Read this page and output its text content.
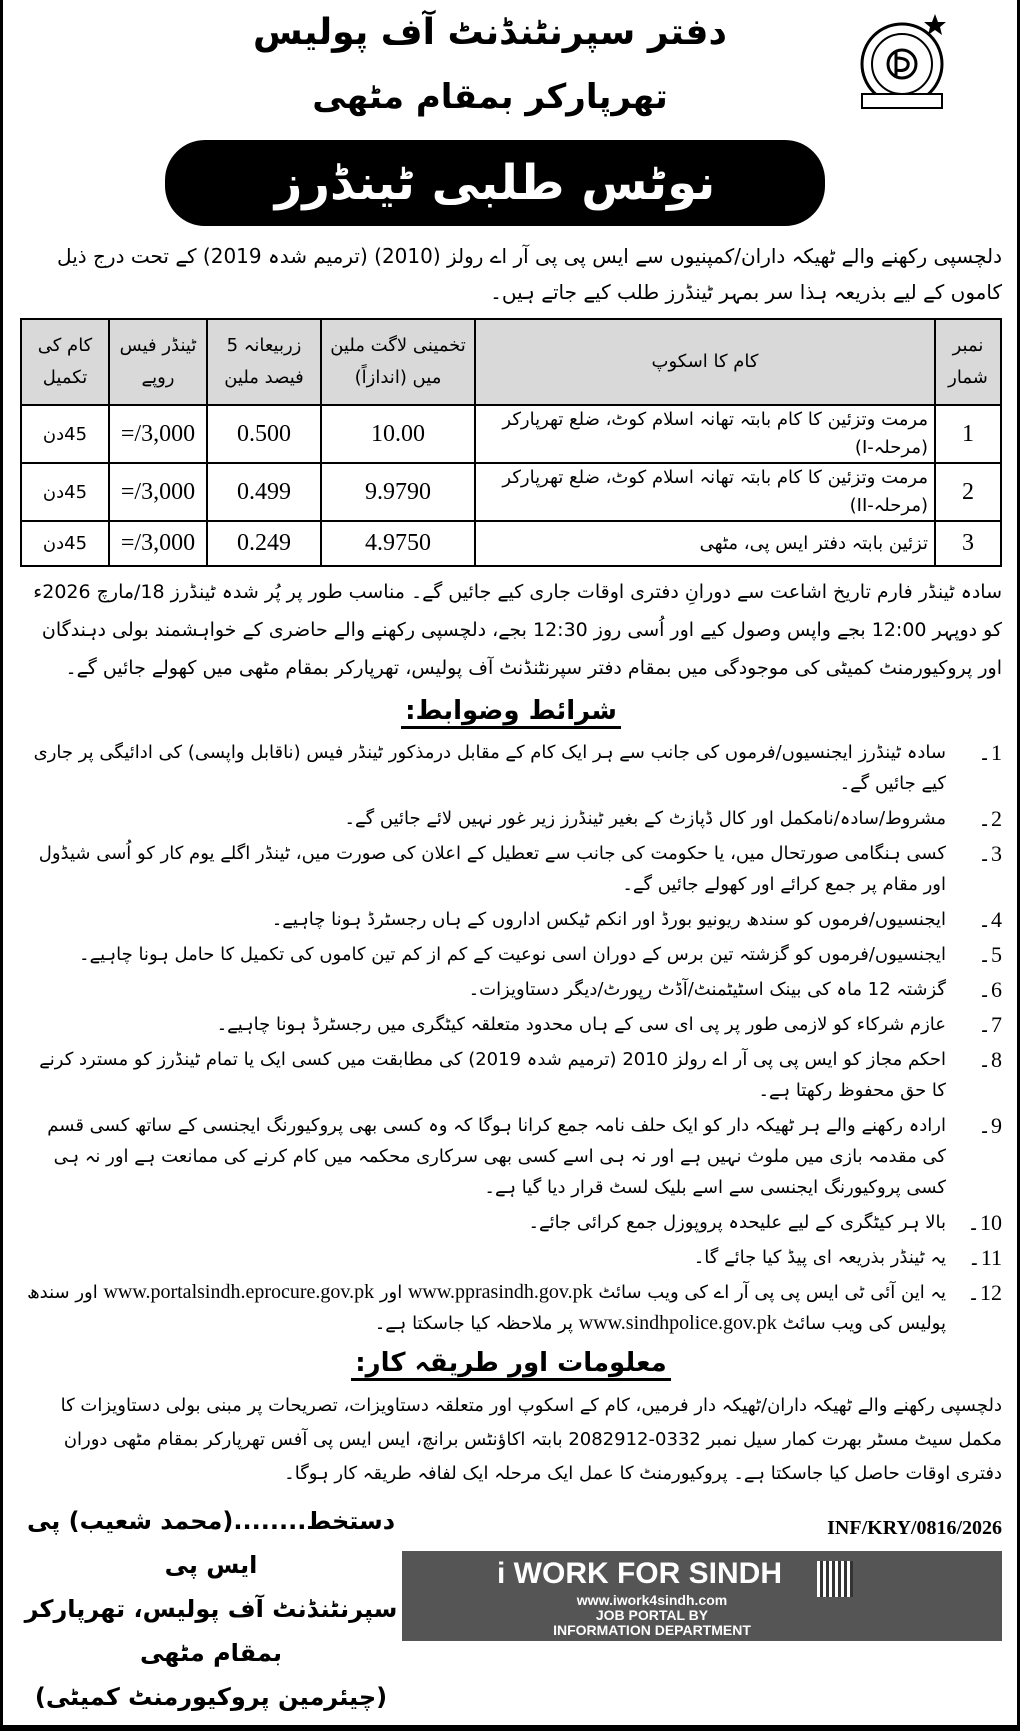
دفتر سپرنٹنڈنٹ آف پولیس
تھرپارکر بمقام مٹھی
نوٹس طلبی ٹینڈرز
دلچسپی رکھنے والے ٹھیکہ داران/کمپنیوں سے ایس پی پی آر اے رولز (2010) (ترمیم شدہ 2019) کے تحت درج ذیل کاموں کے لیے بذریعہ ہذا سر بمہر ٹینڈرز طلب کیے جاتے ہیں۔
نمبر شمار	کام کا اسکوپ	تخمینی لاگت ملین میں (اندازاً)	زربیعانہ 5 فیصد ملین	ٹینڈر فیس روپے	کام کی تکمیل
1	مرمت وتزئین کا کام بابتہ تھانہ اسلام کوٹ، ضلع تھرپارکر (مرحلہ-I)	10.00	0.500	3,000/=	45دن
2	مرمت وتزئین کا کام بابتہ تھانہ اسلام کوٹ، ضلع تھرپارکر (مرحلہ-II)	9.9790	0.499	3,000/=	45دن
3	تزئین بابتہ دفتر ایس پی، مٹھی	4.9750	0.249	3,000/=	45دن
سادہ ٹینڈر فارم تاریخ اشاعت سے دورانِ دفتری اوقات جاری کیے جائیں گے۔ مناسب طور پر پُر شدہ ٹینڈرز 18/مارچ 2026ء کو دوپہر 12:00 بجے واپس وصول کیے اور اُسی روز 12:30 بجے، دلچسپی رکھنے والے حاضری کے خواہشمند بولی دہندگان اور پروکیورمنٹ کمیٹی کی موجودگی میں بمقام دفتر سپرنٹنڈنٹ آف پولیس، تھرپارکر بمقام مٹھی میں کھولے جائیں گے۔
شرائط وضوابط:
1۔
سادہ ٹینڈرز ایجنسیوں/فرموں کی جانب سے ہر ایک کام کے مقابل درمذکور ٹینڈر فیس (ناقابل واپسی) کی ادائیگی پر جاری کیے جائیں گے۔
2۔
مشروط/سادہ/نامکمل اور کال ڈپازٹ کے بغیر ٹینڈرز زیر غور نہیں لائے جائیں گے۔
3۔
کسی ہنگامی صورتحال میں، یا حکومت کی جانب سے تعطیل کے اعلان کی صورت میں، ٹینڈر اگلے یوم کار کو اُسی شیڈول اور مقام پر جمع کرائے اور کھولے جائیں گے۔
4۔
ایجنسیوں/فرموں کو سندھ ریونیو بورڈ اور انکم ٹیکس اداروں کے ہاں رجسٹرڈ ہونا چاہیے۔
5۔
ایجنسیوں/فرموں کو گزشتہ تین برس کے دوران اسی نوعیت کے کم از کم تین کاموں کی تکمیل کا حامل ہونا چاہیے۔
6۔
گزشتہ 12 ماہ کی بینک اسٹیٹمنٹ/آڈٹ رپورٹ/دیگر دستاویزات۔
7۔
عازم شرکاء کو لازمی طور پر پی ای سی کے ہاں محدود متعلقہ کیٹگری میں رجسٹرڈ ہونا چاہیے۔
8۔
احکم مجاز کو ایس پی پی آر اے رولز 2010 (ترمیم شدہ 2019) کی مطابقت میں کسی ایک یا تمام ٹینڈرز کو مسترد کرنے کا حق محفوظ رکھتا ہے۔
9۔
ارادہ رکھنے والے ہر ٹھیکہ دار کو ایک حلف نامہ جمع کرانا ہوگا کہ وہ کسی بھی پروکیورنگ ایجنسی کے ساتھ کسی قسم کی مقدمہ بازی میں ملوث نہیں ہے اور نہ ہی اسے کسی بھی سرکاری محکمہ میں کام کرنے کی ممانعت ہے اور نہ ہی کسی پروکیورنگ ایجنسی سے اسے بلیک لسٹ قرار دیا گیا ہے۔
10۔
بالا ہر کیٹگری کے لیے علیحدہ پروپوزل جمع کرائی جائے۔
11۔
یہ ٹینڈر بذریعہ ای پیڈ کیا جائے گا۔
12۔
یہ این آئی ٹی ایس پی پی آر اے کی ویب سائٹ www.pprasindh.gov.pk اور www.portalsindh.eprocure.gov.pk اور سندھ پولیس کی ویب سائٹ www.sindhpolice.gov.pk پر ملاحظہ کیا جاسکتا ہے۔
معلومات اور طریقہ کار:
دلچسپی رکھنے والے ٹھیکہ داران/ٹھیکہ دار فرمیں، کام کے اسکوپ اور متعلقہ دستاویزات، تصریحات پر مبنی بولی دستاویزات کا مکمل سیٹ مسٹر بھرت کمار سیل نمبر 0332-2082912 بابتہ اکاؤنٹس برانچ، ایس ایس پی آفس تھرپارکر بمقام مٹھی دوران دفتری اوقات حاصل کیا جاسکتا ہے۔ پروکیورمنٹ کا عمل ایک مرحلہ ایک لفافہ طریقہ کار ہوگا۔
دستخط........(محمد شعیب) پی ایس پی
سپرنٹنڈنٹ آف پولیس، تھرپارکر بمقام مٹھی
(چیئرمین پروکیورمنٹ کمیٹی)
INF/KRY/0816/2026
i WORK FOR SINDH
www.iwork4sindh.com
JOB PORTAL BY
INFORMATION DEPARTMENT
